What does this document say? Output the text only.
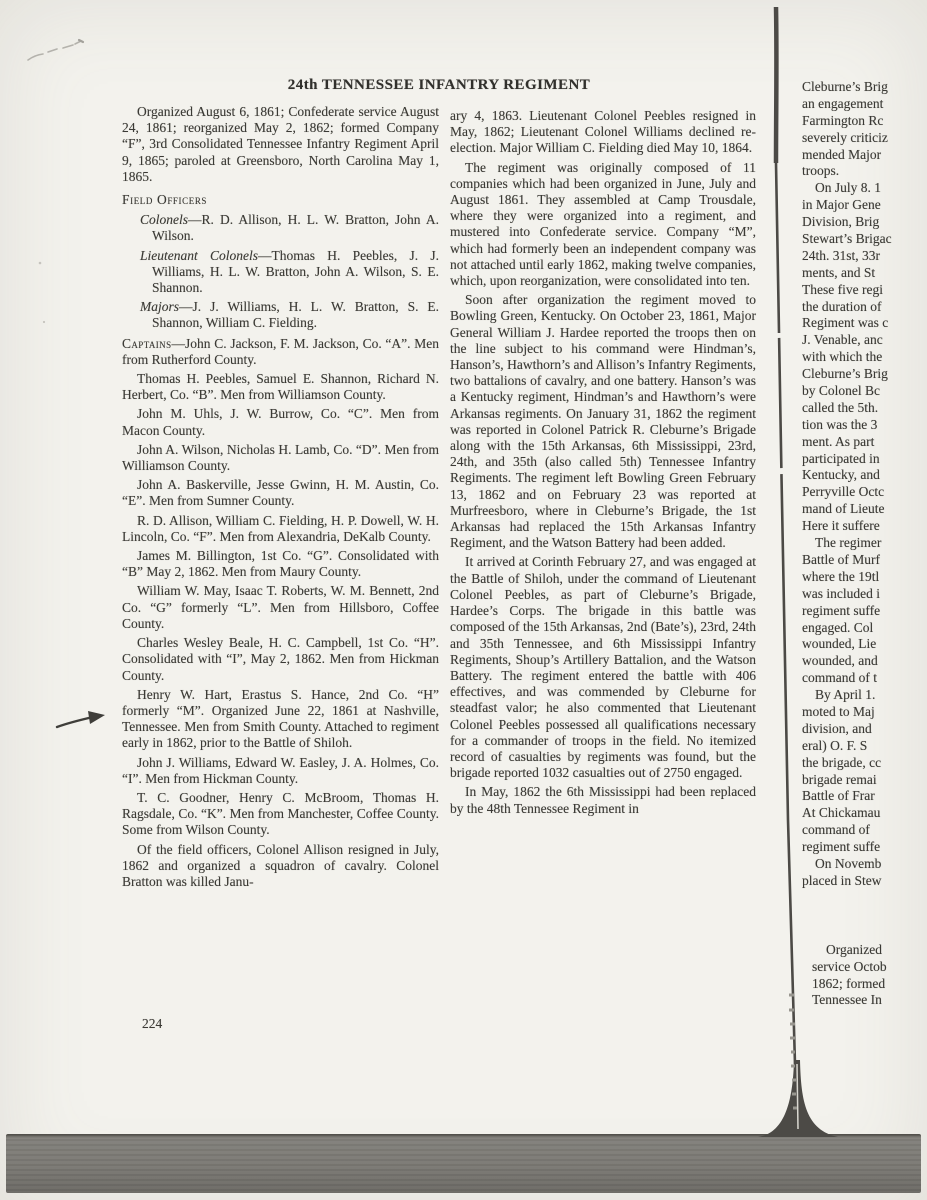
24th TENNESSEE INFANTRY REGIMENT

Organized August 6, 1861; Confederate service August 24, 1861; reorganized May 2, 1862; formed Company “F”, 3rd Consolidated Tennessee Infantry Regiment April 9, 1865; paroled at Greensboro, North Carolina May 1, 1865.

Field Officers

Colonels—R. D. Allison, H. L. W. Bratton, John A. Wilson.

Lieutenant Colonels—Thomas H. Peebles, J. J. Williams, H. L. W. Bratton, John A. Wilson, S. E. Shannon.

Majors—J. J. Williams, H. L. W. Bratton, S. E. Shannon, William C. Fielding.

Captains—John C. Jackson, F. M. Jackson, Co. “A”. Men from Rutherford County.

Thomas H. Peebles, Samuel E. Shannon, Richard N. Herbert, Co. “B”. Men from Williamson County.

John M. Uhls, J. W. Burrow, Co. “C”. Men from Macon County.

John A. Wilson, Nicholas H. Lamb, Co. “D”. Men from Williamson County.

John A. Baskerville, Jesse Gwinn, H. M. Austin, Co. “E”. Men from Sumner County.

R. D. Allison, William C. Fielding, H. P. Dowell, W. H. Lincoln, Co. “F”. Men from Alexandria, DeKalb County.

James M. Billington, 1st Co. “G”. Consolidated with “B” May 2, 1862. Men from Maury County.

William W. May, Isaac T. Roberts, W. M. Bennett, 2nd Co. “G” formerly “L”. Men from Hillsboro, Coffee County.

Charles Wesley Beale, H. C. Campbell, 1st Co. “H”. Consolidated with “I”, May 2, 1862. Men from Hickman County.

Henry W. Hart, Erastus S. Hance, 2nd Co. “H” formerly “M”. Organized June 22, 1861 at Nashville, Tennessee. Men from Smith County. Attached to regiment early in 1862, prior to the Battle of Shiloh.

John J. Williams, Edward W. Easley, J. A. Holmes, Co. “I”. Men from Hickman County.

T. C. Goodner, Henry C. McBroom, Thomas H. Ragsdale, Co. “K”. Men from Manchester, Coffee County. Some from Wilson County.

Of the field officers, Colonel Allison resigned in July, 1862 and organized a squadron of cavalry. Colonel Bratton was killed Janu-

ary 4, 1863. Lieutenant Colonel Peebles resigned in May, 1862; Lieutenant Colonel Williams declined re-election. Major William C. Fielding died May 10, 1864.

The regiment was originally composed of 11 companies which had been organized in June, July and August 1861. They assembled at Camp Trousdale, where they were organized into a regiment, and mustered into Confederate service. Company “M”, which had formerly been an independent company was not attached until early 1862, making twelve companies, which, upon reorganization, were consolidated into ten.

Soon after organization the regiment moved to Bowling Green, Kentucky. On October 23, 1861, Major General William J. Hardee reported the troops then on the line subject to his command were Hindman’s, Hanson’s, Hawthorn’s and Allison’s Infantry Regiments, two battalions of cavalry, and one battery. Hanson’s was a Kentucky regiment, Hindman’s and Hawthorn’s were Arkansas regiments. On January 31, 1862 the regiment was reported in Colonel Patrick R. Cleburne’s Brigade along with the 15th Arkansas, 6th Mississippi, 23rd, 24th, and 35th (also called 5th) Tennessee Infantry Regiments. The regiment left Bowling Green February 13, 1862 and on February 23 was reported at Murfreesboro, where in Cleburne’s Brigade, the 1st Arkansas had replaced the 15th Arkansas Infantry Regiment, and the Watson Battery had been added.

It arrived at Corinth February 27, and was engaged at the Battle of Shiloh, under the command of Lieutenant Colonel Peebles, as part of Cleburne’s Brigade, Hardee’s Corps. The brigade in this battle was composed of the 15th Arkansas, 2nd (Bate’s), 23rd, 24th and 35th Tennessee, and 6th Mississippi Infantry Regiments, Shoup’s Artillery Battalion, and the Watson Battery. The regiment entered the battle with 406 effectives, and was commended by Cleburne for steadfast valor; he also commented that Lieutenant Colonel Peebles possessed all qualifications necessary for a commander of troops in the field. No itemized record of casualties by regiments was found, but the brigade reported 1032 casualties out of 2750 engaged.

In May, 1862 the 6th Mississippi had been replaced by the 48th Tennessee Regiment in

Cleburne’s Brig
an engagement
Farmington Rc
severely criticiz
mended Major
troops.
On July 8. 1
in Major Gene
Division, Brig
Stewart’s Brigac
24th. 31st, 33r
ments, and St
These five regi
the duration of
Regiment was c
J. Venable, anc
with which the
Cleburne’s Brig
by Colonel Bc
called the 5th.
tion was the 3
ment. As part
participated in
Kentucky, and
Perryville Octc
mand of Lieute
Here it suffere
The regimer
Battle of Murf
where the 19tl
was included i
regiment suffe
engaged. Col
wounded, Lie
wounded, and
command of t
By April 1.
moted to Maj
division, and
eral) O. F. S
the brigade, cc
brigade remai
Battle of Frar
At Chickamau
command of
regiment suffe
On Novemb
placed in Stew
Organized
service Octob
1862; formed
Tennessee In
224
